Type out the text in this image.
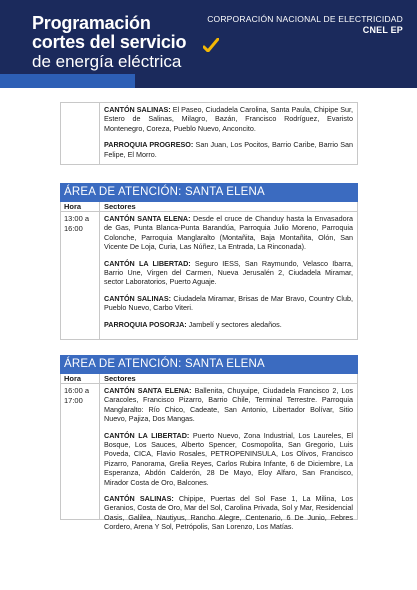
Programación
cortes del servicio
de energía eléctrica
CORPORACIÓN NACIONAL DE ELECTRICIDAD
CNEL EP

CANTÓN SALINAS: El Paseo, Ciudadela Carolina, Santa Paula, Chipipe Sur, Estero de Salinas, Milagro, Bazán, Francisco Rodríguez, Evaristo Montenegro, Coreza, Pueblo Nuevo, Anconcito.

PARROQUIA PROGRESO: San Juan, Los Pocitos, Barrio Caribe, Barrio San Felipe, El Morro.

ÁREA DE ATENCIÓN: SANTA ELENA
Hora	Sectores
13:00 a 16:00

CANTÓN SANTA ELENA: Desde el cruce de Chanduy hasta la Envasadora de Gas, Punta Blanca-Punta Barandúa, Parroquia Julio Moreno, Parroquia Colonche, Parroquia Manglaralto (Montañita, Baja Montañita, Olón, San Vicente De Loja, Curia, Las Núñez, La Entrada, La Rinconada).

CANTÓN LA LIBERTAD: Seguro IESS, San Raymundo, Velasco Ibarra, Barrio Une, Virgen del Carmen, Nueva Jerusalén 2, Ciudadela Miramar, sector Laboratorios, Puerto Aguaje.

CANTÓN SALINAS: Ciudadela Miramar, Brisas de Mar Bravo, Country Club, Pueblo Nuevo, Carbo Viteri.

PARROQUIA POSORJA: Jambelí y sectores aledaños.

ÁREA DE ATENCIÓN: SANTA ELENA
Hora	Sectores
16:00 a 17:00

CANTÓN SANTA ELENA: Ballenita, Chuyuipe, Ciudadela Francisco 2, Los Caracoles, Francisco Pizarro, Barrio Chile, Terminal Terrestre. Parroquia Manglaralto: Río Chico, Cadeate, San Antonio, Libertador Bolívar, Sitio Nuevo, Pajiza, Dos Mangas.

CANTÓN LA LIBERTAD: Puerto Nuevo, Zona Industrial, Los Laureles, El Bosque, Los Sauces, Alberto Spencer, Cosmopolita, San Gregorio, Luis Poveda, CICA, Flavio Rosales, PETROPENINSULA, Los Olivos, Francisco Pizarro, Panorama, Grelia Reyes, Carlos Rubira Infante, 6 de Diciembre, La Esperanza, Abdón Calderón, 28 De Mayo, Eloy Alfaro, San Francisco, Mirador Costa de Oro, Balcones.

CANTÓN SALINAS: Chipipe, Puertas del Sol Fase 1, La Milina, Los Geranios, Costa de Oro, Mar del Sol, Carolina Privada, Sol y Mar, Residencial Oasis, Galilea, Nautiyus, Rancho Alegre, Centenario, 6 De Junio, Febres Cordero, Arena Y Sol, Petrópolis, San Lorenzo, Los Matías.
